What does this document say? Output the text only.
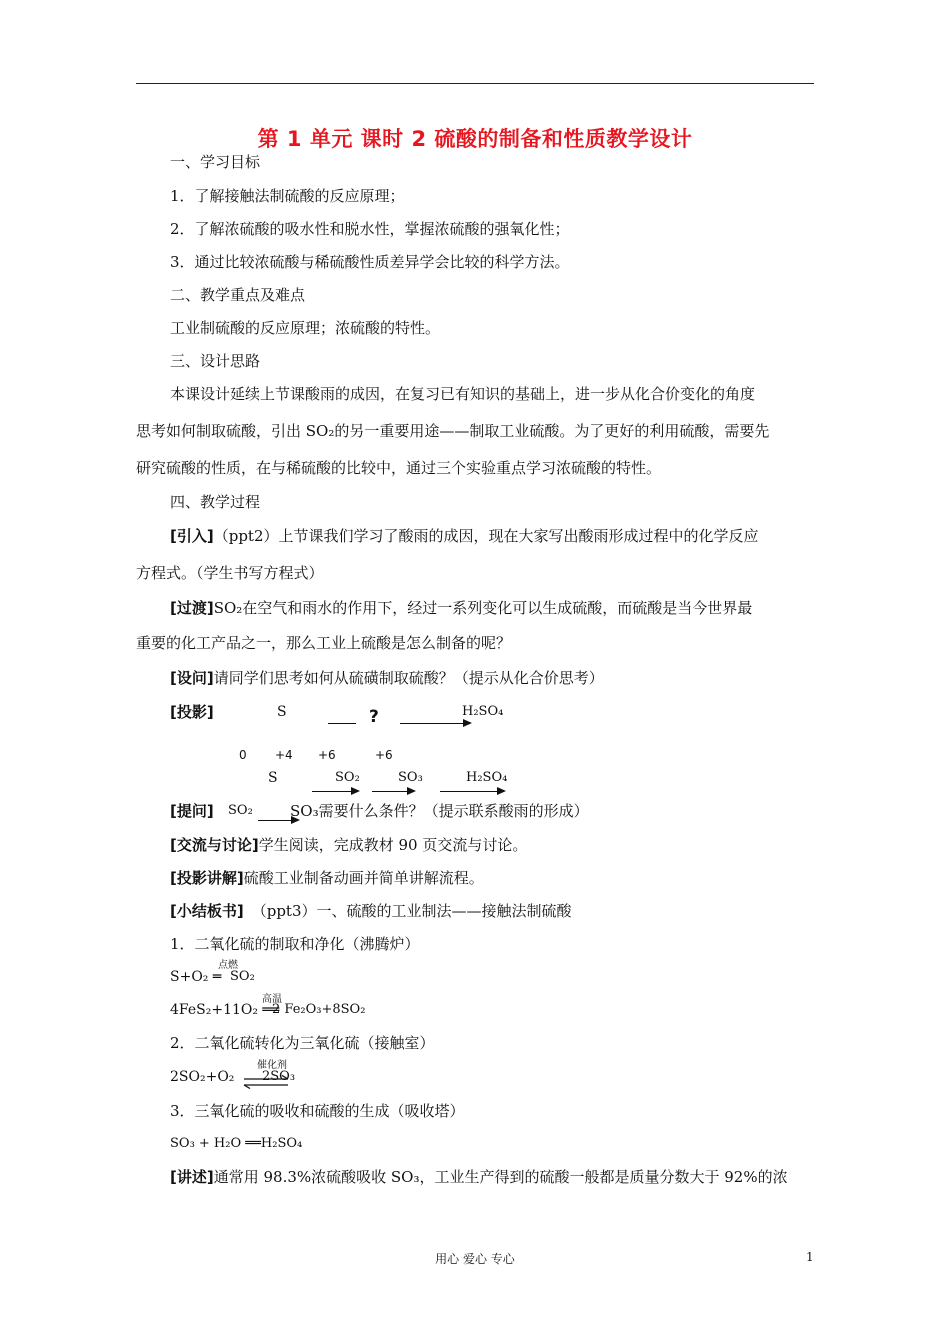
第 1 单元 课时 2 硫酸的制备和性质教学设计
一、学习目标
1．了解接触法制硫酸的反应原理；
2．了解浓硫酸的吸水性和脱水性，掌握浓硫酸的强氧化性；
3．通过比较浓硫酸与稀硫酸性质差异学会比较的科学方法。
二、教学重点及难点
工业制硫酸的反应原理；浓硫酸的特性。
三、设计思路
本课设计延续上节课酸雨的成因，在复习已有知识的基础上，进一步从化合价变化的角度
思考如何制取硫酸，引出 SO₂的另一重要用途——制取工业硫酸。为了更好的利用硫酸，需要先
研究硫酸的性质，在与稀硫酸的比较中，通过三个实验重点学习浓硫酸的特性。
四、教学过程
[引入]（ppt2）上节课我们学习了酸雨的成因，现在大家写出酸雨形成过程中的化学反应
方程式。（学生书写方程式）
[过渡]SO₂在空气和雨水的作用下，经过一系列变化可以生成硫酸，而硫酸是当今世界最
重要的化工产品之一，那么工业上硫酸是怎么制备的呢？
[设问]请同学们思考如何从硫磺制取硫酸？（提示从化合价思考）
[投影]	S	?	H₂SO₄
0 +4 +6	+6
S	SO₂	SO₃	H₂SO₄
[提问] SO₂ SO₃需要什么条件？（提示联系酸雨的形成）
[交流与讨论]学生阅读，完成教材 90 页交流与讨论。
[投影讲解]硫酸工业制备动画并简单讲解流程。
[小结板书] （ppt3）一、硫酸的工业制法——接触法制硫酸
1．二氧化硫的制取和净化（沸腾炉）
S+O₂ ═
点燃
SO₂
4FeS₂+11O₂ ══
高温
2 Fe₂O₃+8SO₂
2．二氧化硫转化为三氧化硫（接触室）
2SO₂+O₂
催化剂
2SO₃
3．三氧化硫的吸收和硫酸的生成（吸收塔）
SO₃ + H₂O ══H₂SO₄
[讲述]通常用 98.3%浓硫酸吸收 SO₃，工业生产得到的硫酸一般都是质量分数大于 92%的浓
用心 爱心 专心	1
